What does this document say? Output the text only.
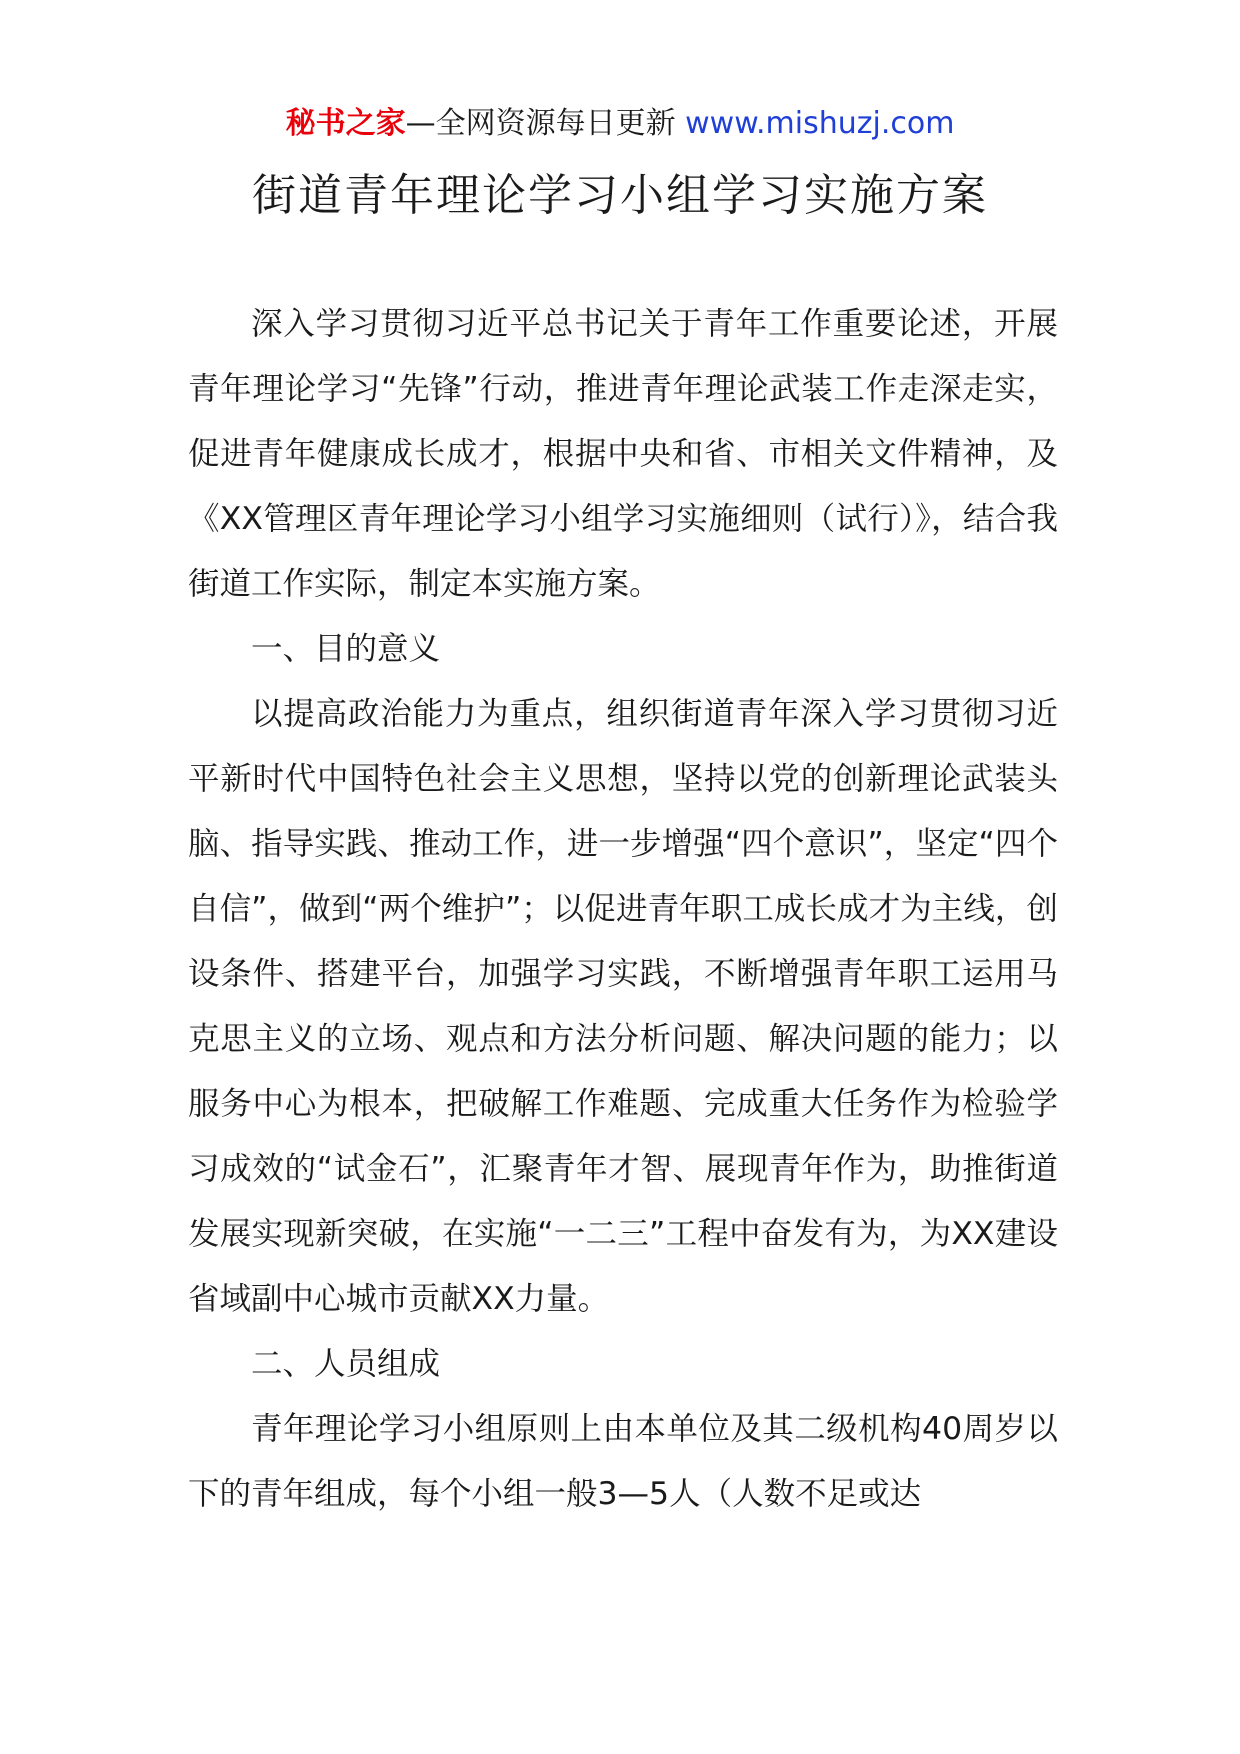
秘书之家—全网资源每日更新 www.mishuzj.com
街道青年理论学习小组学习实施方案

深入学习贯彻习近平总书记关于青年工作重要论述，开展青年理论学习“先锋”行动，推进青年理论武装工作走深走实，促进青年健康成长成才，根据中央和省、市相关文件精神，及《XX管理区青年理论学习小组学习实施细则（试行）》，结合我街道工作实际，制定本实施方案。

一、目的意义

以提高政治能力为重点，组织街道青年深入学习贯彻习近平新时代中国特色社会主义思想，坚持以党的创新理论武装头脑、指导实践、推动工作，进一步增强“四个意识”，坚定“四个自信”，做到“两个维护”；以促进青年职工成长成才为主线，创设条件、搭建平台，加强学习实践，不断增强青年职工运用马克思主义的立场、观点和方法分析问题、解决问题的能力；以服务中心为根本，把破解工作难题、完成重大任务作为检验学习成效的“试金石”，汇聚青年才智、展现青年作为，助推街道发展实现新突破，在实施“一二三”工程中奋发有为，为XX建设省域副中心城市贡献XX力量。

二、人员组成

青年理论学习小组原则上由本单位及其二级机构40周岁以下的青年组成，每个小组一般3—5人（人数不足或达
